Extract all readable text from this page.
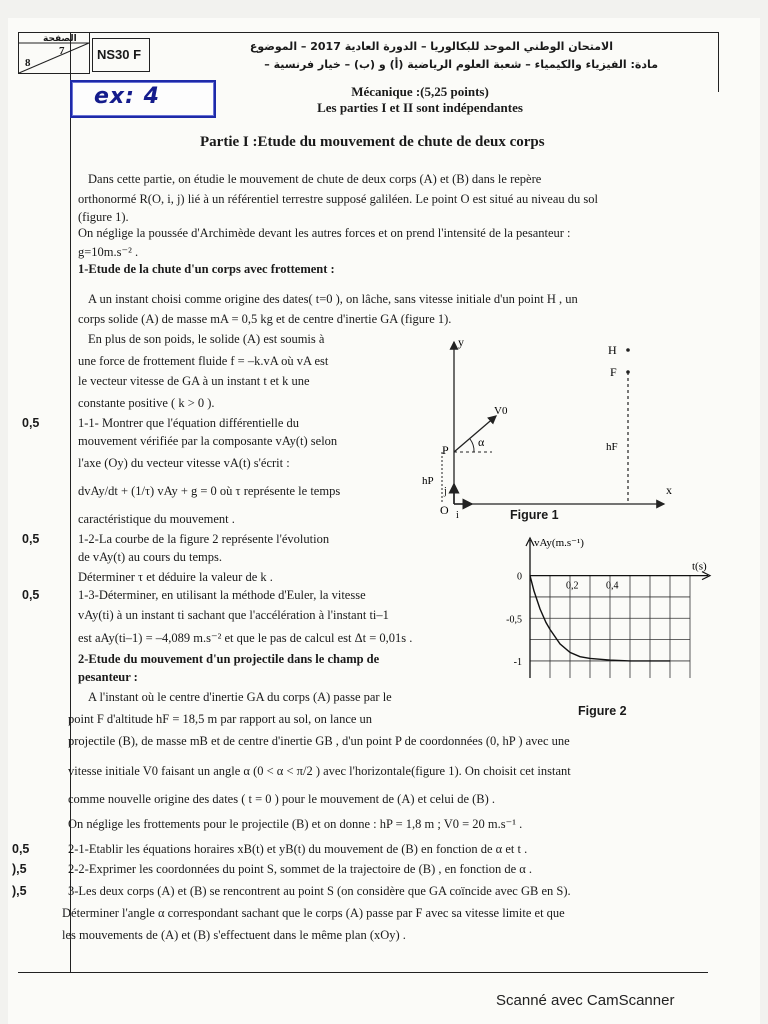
الصفحة
7
8
NS30 F
الامتحان الوطني الموحد للبكالوريا – الدورة العادية 2017 – الموضوع
– مادة: الفيزياء والكيمياء – شعبة العلوم الرياضية (أ) و (ب) – خيار فرنسية
ex: 4	Mécanique :(5,25 points)
Les parties I et II sont indépendantes
Partie I :Etude du mouvement de chute de deux corps
Dans cette partie, on étudie le mouvement de chute de deux corps (A) et (B) dans le repère
orthonormé R(O, i, j) lié à un référentiel terrestre supposé galiléen. Le point O est situé au niveau du sol
(figure 1).
On néglige la poussée d'Archimède devant les autres forces et on prend l'intensité de la pesanteur :
g=10m.s⁻² .
1-Etude de la chute d'un corps avec frottement :
A un instant choisi comme origine des dates( t=0 ), on lâche, sans vitesse initiale d'un point H , un
corps solide (A) de masse mA = 0,5 kg et de centre d'inertie GA (figure 1).
En plus de son poids, le solide (A) est soumis à
une force de frottement fluide f = –k.vA où vA est
le vecteur vitesse de GA à un instant t et k une
constante positive ( k > 0 ).
0,5
0,5
0,5
0,5
),5
),5
1-1- Montrer que l'équation différentielle du
mouvement vérifiée par la composante vAy(t) selon
l'axe (Oy) du vecteur vitesse vA(t) s'écrit :
dvAy/dt + (1/τ) vAy + g = 0 où τ représente le temps
caractéristique du mouvement .
1-2-La courbe de la figure 2 représente l'évolution
de vAy(t) au cours du temps.
Déterminer τ et déduire la valeur de k .
1-3-Déterminer, en utilisant la méthode d'Euler, la vitesse
vAy(ti) à un instant ti sachant que l'accélération à l'instant ti–1
est aAy(ti–1) = –4,089 m.s⁻² et que le pas de calcul est Δt = 0,01s .
2-Etude du mouvement d'un projectile dans le champ de
pesanteur :
A l'instant où le centre d'inertie GA du corps (A) passe par le
point F d'altitude hF = 18,5 m par rapport au sol, on lance un
projectile (B), de masse mB et de centre d'inertie GB , d'un point P de coordonnées (0, hP ) avec une
vitesse initiale V0 faisant un angle α (0 < α < π/2 ) avec l'horizontale(figure 1). On choisit cet instant
comme nouvelle origine des dates ( t = 0 ) pour le mouvement de (A) et celui de (B) .
On néglige les frottements pour le projectile (B) et on donne : hP = 1,8 m ; V0 = 20 m.s⁻¹ .
2-1-Etablir les équations horaires xB(t) et yB(t) du mouvement de (B) en fonction de α et t .
2-2-Exprimer les coordonnées du point S, sommet de la trajectoire de (B) , en fonction de α .
3-Les deux corps (A) et (B) se rencontrent au point S (on considère que GA coïncide avec GB en S).
Déterminer l'angle α correspondant sachant que le corps (A) passe par F avec sa vitesse limite et que
les mouvements de (A) et (B) s'effectuent dans le même plan (xOy) .
y
x
H
F
P
O
V0
α	hF
hP
i
j
Figure 1
vAy(m.s⁻¹)
t(s)
0,2	0,4
0
-0,5
-1
Figure 2
Scanné avec CamScanner
